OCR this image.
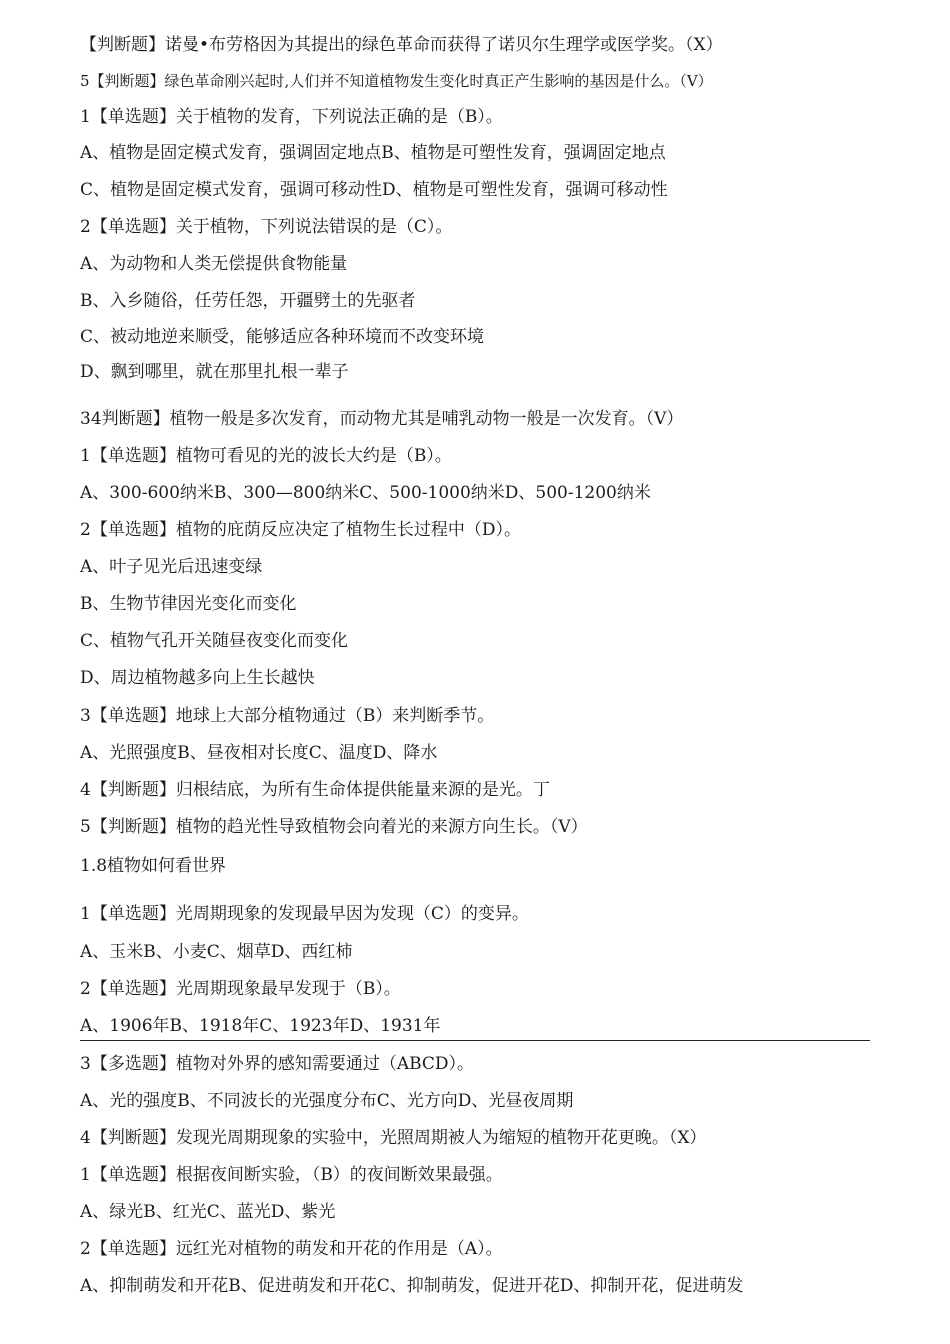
【判断题】诺曼•布劳格因为其提出的绿色革命而获得了诺贝尔生理学或医学奖。（X）
5【判断题】绿色革命刚兴起时,人们并不知道植物发生变化时真正产生影响的基因是什么。（V）
1【单选题】关于植物的发育，下列说法正确的是（B）。
A、植物是固定模式发育，强调固定地点B、植物是可塑性发育，强调固定地点
C、植物是固定模式发育，强调可移动性D、植物是可塑性发育，强调可移动性
2【单选题】关于植物，下列说法错误的是（C）。
A、为动物和人类无偿提供食物能量
B、入乡随俗，任劳任怨，开疆劈土的先驱者
C、被动地逆来顺受，能够适应各种环境而不改变环境
D、飘到哪里，就在那里扎根一辈子
34判断题】植物一般是多次发育，而动物尤其是哺乳动物一般是一次发育。（V）
1【单选题】植物可看见的光的波长大约是（B）。
A、300-600纳米B、300—800纳米C、500-1000纳米D、500-1200纳米
2【单选题】植物的庇荫反应决定了植物生长过程中（D）。
A、叶子见光后迅速变绿
B、生物节律因光变化而变化
C、植物气孔开关随昼夜变化而变化
D、周边植物越多向上生长越快
3【单选题】地球上大部分植物通过（B）来判断季节。
A、光照强度B、昼夜相对长度C、温度D、降水
4【判断题】归根结底，为所有生命体提供能量来源的是光。丁
5【判断题】植物的趋光性导致植物会向着光的来源方向生长。（V）
1.8植物如何看世界
1【单选题】光周期现象的发现最早因为发现（C）的变异。
A、玉米B、小麦C、烟草D、西红柿
2【单选题】光周期现象最早发现于（B）。
A、1906年B、1918年C、1923年D、1931年
3【多选题】植物对外界的感知需要通过（ABCD）。
A、光的强度B、不同波长的光强度分布C、光方向D、光昼夜周期
4【判断题】发现光周期现象的实验中，光照周期被人为缩短的植物开花更晚。（X）
1【单选题】根据夜间断实验，（B）的夜间断效果最强。
A、绿光B、红光C、蓝光D、紫光
2【单选题】远红光对植物的萌发和开花的作用是（A）。
A、抑制萌发和开花B、促进萌发和开花C、抑制萌发，促进开花D、抑制开花，促进萌发
